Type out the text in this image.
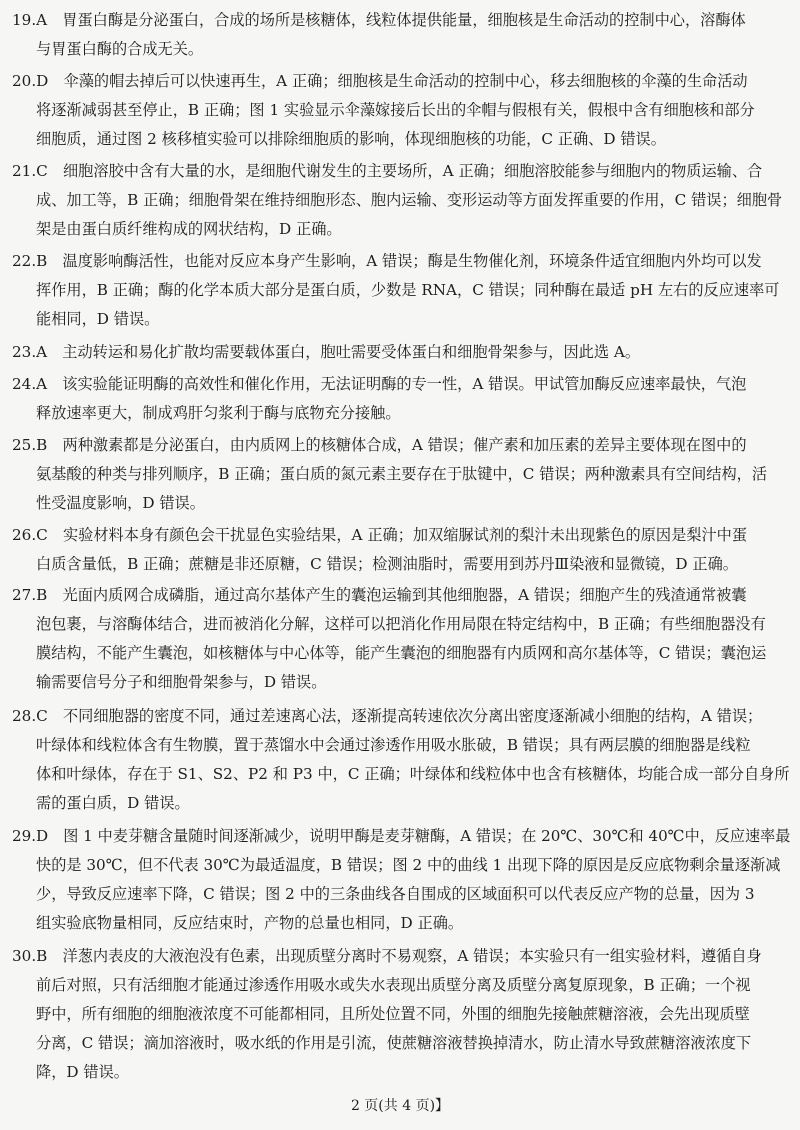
19.A　胃蛋白酶是分泌蛋白，合成的场所是核糖体，线粒体提供能量，细胞核是生命活动的控制中心，溶酶体
与胃蛋白酶的合成无关。
20.D　伞藻的帽去掉后可以快速再生，A 正确；细胞核是生命活动的控制中心，移去细胞核的伞藻的生命活动
将逐渐减弱甚至停止，B 正确；图 1 实验显示伞藻嫁接后长出的伞帽与假根有关，假根中含有细胞核和部分
细胞质，通过图 2 核移植实验可以排除细胞质的影响，体现细胞核的功能，C 正确、D 错误。
21.C　细胞溶胶中含有大量的水，是细胞代谢发生的主要场所，A 正确；细胞溶胶能参与细胞内的物质运输、合
成、加工等，B 正确；细胞骨架在维持细胞形态、胞内运输、变形运动等方面发挥重要的作用，C 错误；细胞骨
架是由蛋白质纤维构成的网状结构，D 正确。
22.B　温度影响酶活性，也能对反应本身产生影响，A 错误；酶是生物催化剂，环境条件适宜细胞内外均可以发
挥作用，B 正确；酶的化学本质大部分是蛋白质，少数是 RNA，C 错误；同种酶在最适 pH 左右的反应速率可
能相同，D 错误。
23.A　主动转运和易化扩散均需要载体蛋白，胞吐需要受体蛋白和细胞骨架参与，因此选 A。
24.A　该实验能证明酶的高效性和催化作用，无法证明酶的专一性，A 错误。甲试管加酶反应速率最快，气泡
释放速率更大，制成鸡肝匀浆利于酶与底物充分接触。
25.B　两种激素都是分泌蛋白，由内质网上的核糖体合成，A 错误；催产素和加压素的差异主要体现在图中的
氨基酸的种类与排列顺序，B 正确；蛋白质的氮元素主要存在于肽键中，C 错误；两种激素具有空间结构，活
性受温度影响，D 错误。
26.C　实验材料本身有颜色会干扰显色实验结果，A 正确；加双缩脲试剂的梨汁未出现紫色的原因是梨汁中蛋
白质含量低，B 正确；蔗糖是非还原糖，C 错误；检测油脂时，需要用到苏丹Ⅲ染液和显微镜，D 正确。
27.B　光面内质网合成磷脂，通过高尔基体产生的囊泡运输到其他细胞器，A 错误；细胞产生的残渣通常被囊
泡包裹，与溶酶体结合，进而被消化分解，这样可以把消化作用局限在特定结构中，B 正确；有些细胞器没有
膜结构，不能产生囊泡，如核糖体与中心体等，能产生囊泡的细胞器有内质网和高尔基体等，C 错误；囊泡运
输需要信号分子和细胞骨架参与，D 错误。
28.C　不同细胞器的密度不同，通过差速离心法，逐渐提高转速依次分离出密度逐渐减小细胞的结构，A 错误；
叶绿体和线粒体含有生物膜，置于蒸馏水中会通过渗透作用吸水胀破，B 错误；具有两层膜的细胞器是线粒
体和叶绿体，存在于 S1、S2、P2 和 P3 中，C 正确；叶绿体和线粒体中也含有核糖体，均能合成一部分自身所
需的蛋白质，D 错误。
29.D　图 1 中麦芽糖含量随时间逐渐减少，说明甲酶是麦芽糖酶，A 错误；在 20℃、30℃和 40℃中，反应速率最
快的是 30℃，但不代表 30℃为最适温度，B 错误；图 2 中的曲线 1 出现下降的原因是反应底物剩余量逐渐减
少，导致反应速率下降，C 错误；图 2 中的三条曲线各自围成的区域面积可以代表反应产物的总量，因为 3
组实验底物量相同，反应结束时，产物的总量也相同，D 正确。
30.B　洋葱内表皮的大液泡没有色素，出现质壁分离时不易观察，A 错误；本实验只有一组实验材料，遵循自身
前后对照，只有活细胞才能通过渗透作用吸水或失水表现出质壁分离及质壁分离复原现象，B 正确；一个视
野中，所有细胞的细胞液浓度不可能都相同，且所处位置不同，外围的细胞先接触蔗糖溶液，会先出现质壁
分离，C 错误；滴加溶液时，吸水纸的作用是引流，使蔗糖溶液替换掉清水，防止清水导致蔗糖溶液浓度下
降，D 错误。
2 页(共 4 页)】
